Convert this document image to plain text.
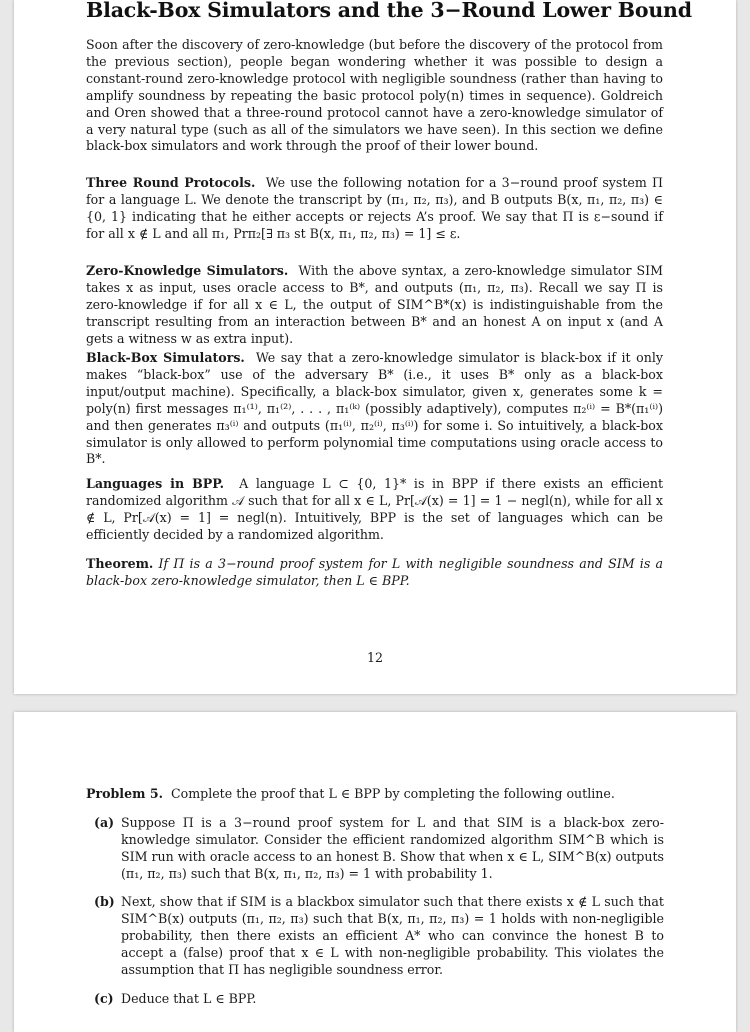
Black-Box Simulators and the 3−Round Lower Bound

Soon after the discovery of zero-knowledge (but before the discovery of the protocol from the previous section), people began wondering whether it was possible to design a constant-round zero-knowledge protocol with negligible soundness (rather than having to amplify soundness by repeating the basic protocol poly(n) times in sequence). Goldreich and Oren showed that a three-round protocol cannot have a zero-knowledge simulator of a very natural type (such as all of the simulators we have seen). In this section we define black-box simulators and work through the proof of their lower bound.

Three Round Protocols. We use the following notation for a 3−round proof system Π for a language L. We denote the transcript by (π₁, π₂, π₃), and B outputs B(x, π₁, π₂, π₃) ∈ {0, 1} indicating that he either accepts or rejects A’s proof. We say that Π is ε−sound if for all x ∉ L and all π₁, Prπ₂[∃ π₃ st B(x, π₁, π₂, π₃) = 1] ≤ ε.

Zero-Knowledge Simulators. With the above syntax, a zero-knowledge simulator SIM takes x as input, uses oracle access to B*, and outputs (π₁, π₂, π₃). Recall we say Π is zero-knowledge if for all x ∈ L, the output of SIM^B*(x) is indistinguishable from the transcript resulting from an interaction between B* and an honest A on input x (and A gets a witness w as extra input).

Black-Box Simulators. We say that a zero-knowledge simulator is black-box if it only makes “black-box” use of the adversary B* (i.e., it uses B* only as a black-box input/output machine). Specifically, a black-box simulator, given x, generates some k = poly(n) first messages π₁⁽¹⁾, π₁⁽²⁾, . . . , π₁⁽ᵏ⁾ (possibly adaptively), computes π₂⁽ⁱ⁾ = B*(π₁⁽ⁱ⁾) and then generates π₃⁽ⁱ⁾ and outputs (π₁⁽ⁱ⁾, π₂⁽ⁱ⁾, π₃⁽ⁱ⁾) for some i. So intuitively, a black-box simulator is only allowed to perform polynomial time computations using oracle access to B*.

Languages in BPP. A language L ⊂ {0, 1}* is in BPP if there exists an efficient randomized algorithm 𝒜 such that for all x ∈ L, Pr[𝒜(x) = 1] = 1 − negl(n), while for all x ∉ L, Pr[𝒜(x) = 1] = negl(n). Intuitively, BPP is the set of languages which can be efficiently decided by a randomized algorithm.

Theorem. If Π is a 3−round proof system for L with negligible soundness and SIM is a black-box zero-knowledge simulator, then L ∈ BPP.

12

Problem 5. Complete the proof that L ∈ BPP by completing the following outline.

(a) Suppose Π is a 3−round proof system for L and that SIM is a black-box zero-knowledge simulator. Consider the efficient randomized algorithm SIM^B which is SIM run with oracle access to an honest B. Show that when x ∈ L, SIM^B(x) outputs (π₁, π₂, π₃) such that B(x, π₁, π₂, π₃) = 1 with probability 1.

(b) Next, show that if SIM is a blackbox simulator such that there exists x ∉ L such that SIM^B(x) outputs (π₁, π₂, π₃) such that B(x, π₁, π₂, π₃) = 1 holds with non-negligible probability, then there exists an efficient A* who can convince the honest B to accept a (false) proof that x ∈ L with non-negligible probability. This violates the assumption that Π has negligible soundness error.

(c) Deduce that L ∈ BPP.
